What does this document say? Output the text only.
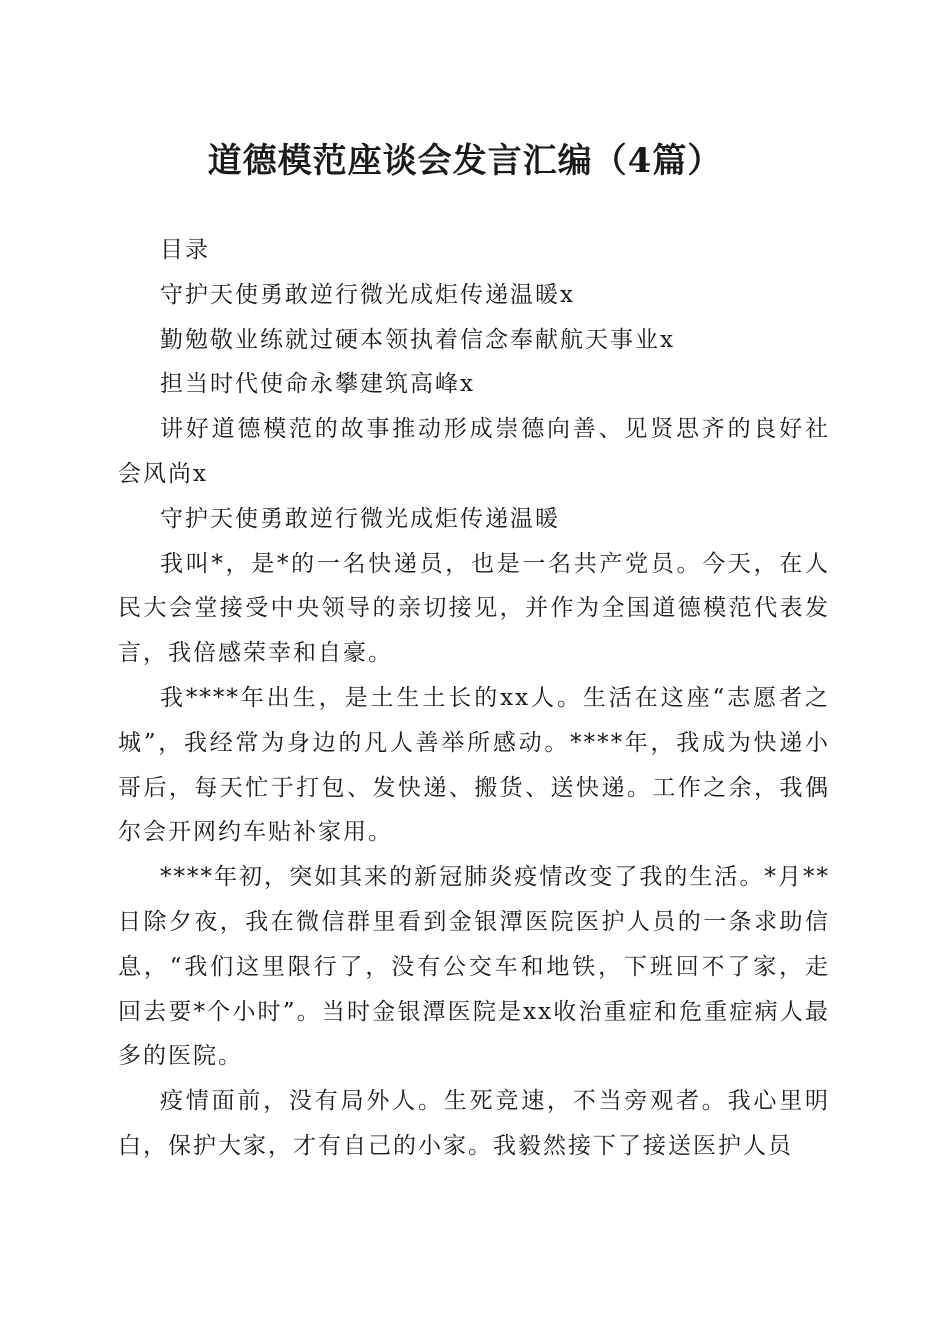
道德模范座谈会发言汇编（4篇）

目录

守护天使勇敢逆行微光成炬传递温暖x

勤勉敬业练就过硬本领执着信念奉献航天事业x

担当时代使命永攀建筑高峰x

讲好道德模范的故事推动形成崇德向善、见贤思齐的良好社会风尚x

守护天使勇敢逆行微光成炬传递温暖

我叫*，是*的一名快递员，也是一名共产党员。今天，在人民大会堂接受中央领导的亲切接见，并作为全国道德模范代表发言，我倍感荣幸和自豪。

我****年出生，是土生土长的xx人。生活在这座“志愿者之城”，我经常为身边的凡人善举所感动。****年，我成为快递小哥后，每天忙于打包、发快递、搬货、送快递。工作之余，我偶尔会开网约车贴补家用。

****年初，突如其来的新冠肺炎疫情改变了我的生活。*月**日除夕夜，我在微信群里看到金银潭医院医护人员的一条求助信息，“我们这里限行了，没有公交车和地铁，下班回不了家，走回去要*个小时”。当时金银潭医院是xx收治重症和危重症病人最多的医院。

疫情面前，没有局外人。生死竞速，不当旁观者。我心里明白，保护大家，才有自己的小家。我毅然接下了接送医护人员
